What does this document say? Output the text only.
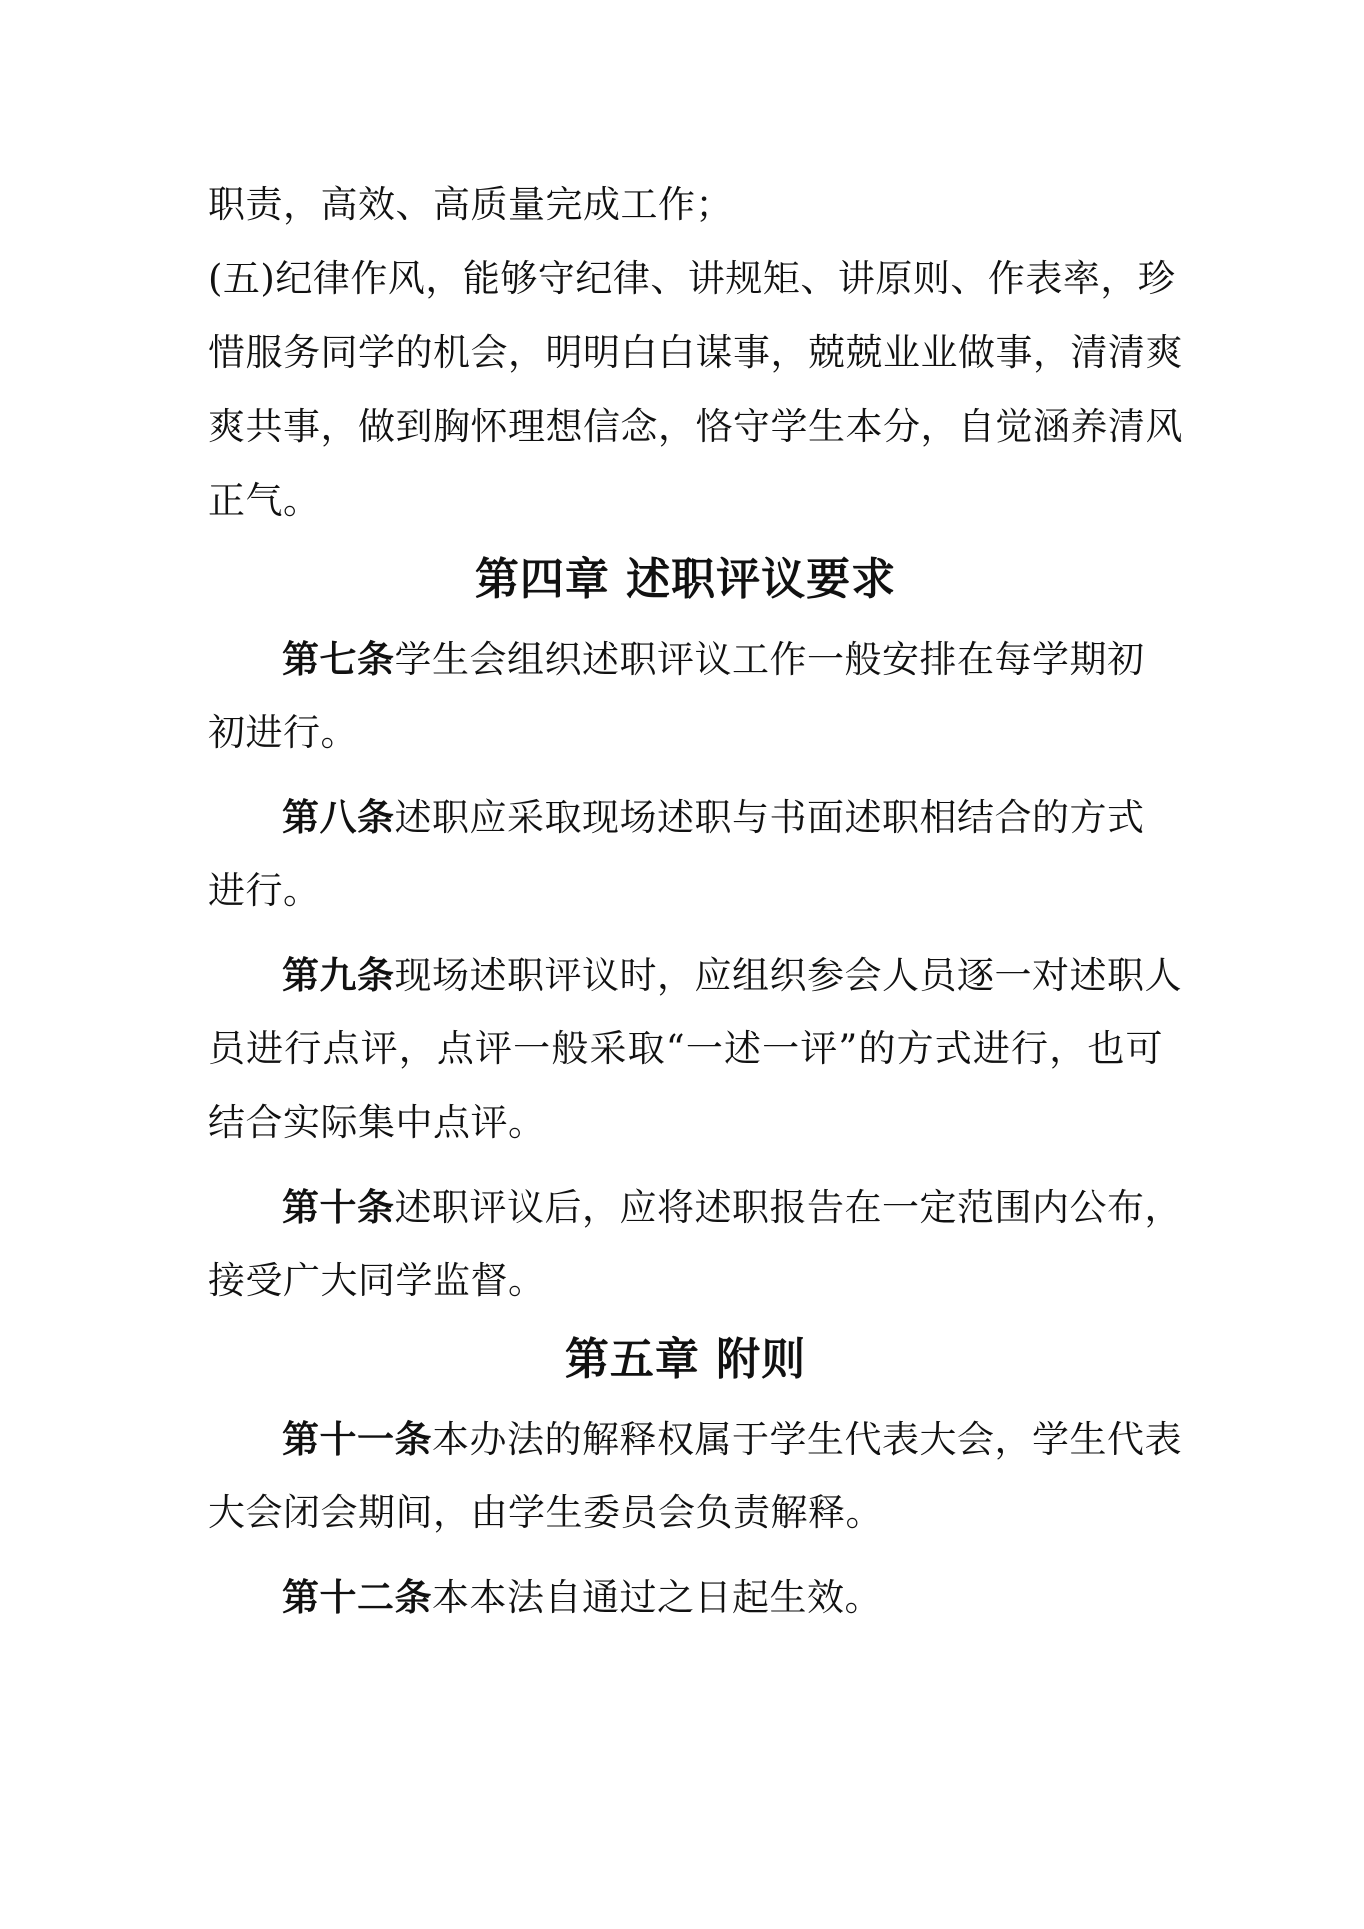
职责，高效、高质量完成工作；
(五)纪律作风，能够守纪律、讲规矩、讲原则、作表率，珍
惜服务同学的机会，明明白白谋事，兢兢业业做事，清清爽
爽共事，做到胸怀理想信念，恪守学生本分，自觉涵养清风
正气。
第四章 述职评议要求
第七条学生会组织述职评议工作一般安排在每学期初
初进行。
第八条述职应采取现场述职与书面述职相结合的方式
进行。
第九条现场述职评议时，应组织参会人员逐一对述职人
员进行点评，点评一般采取“一述一评”的方式进行，也可
结合实际集中点评。
第十条述职评议后，应将述职报告在一定范围内公布，
接受广大同学监督。
第五章 附则
第十一条本办法的解释权属于学生代表大会，学生代表
大会闭会期间，由学生委员会负责解释。
第十二条本本法自通过之日起生效。
